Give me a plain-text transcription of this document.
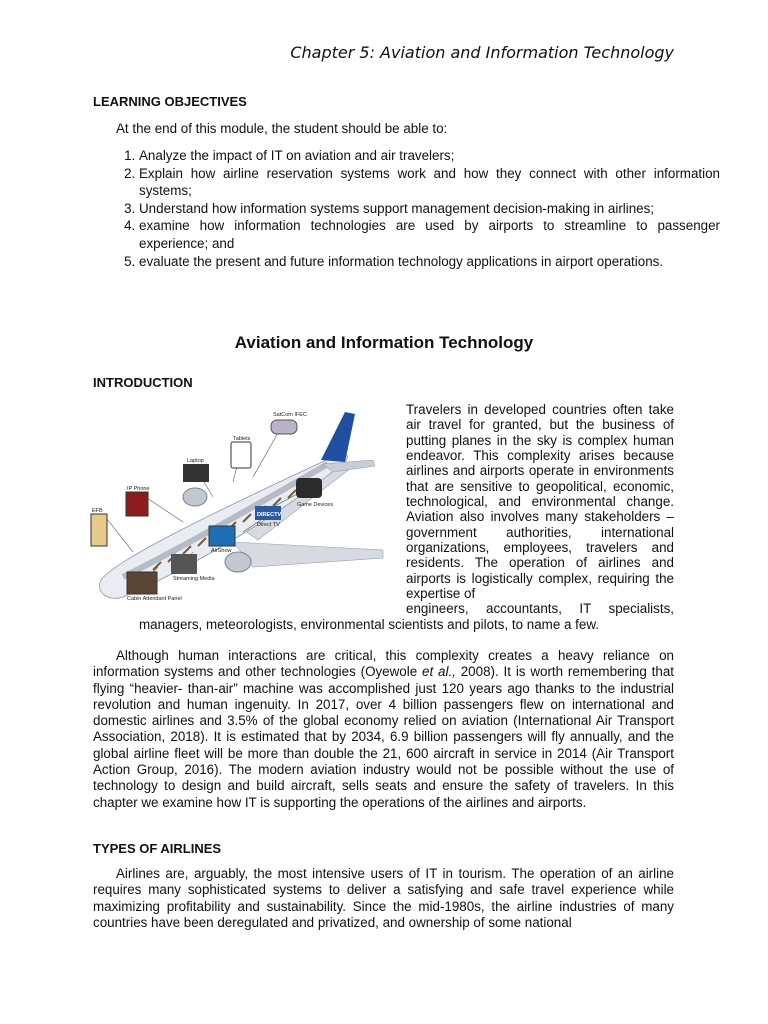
Chapter 5: Aviation and Information Technology
LEARNING OBJECTIVES

At the end of this module, the student should be able to:

1. Analyze the impact of IT on aviation and air travelers;
2. Explain how airline reservation systems work and how they connect with other information systems;
3. Understand how information systems support management decision-making in airlines;
4. examine how information technologies are used by airports to streamline to passenger experience; and
5. evaluate the present and future information technology applications in airport operations.
Aviation and Information Technology
INTRODUCTION
SatCom IFEC
Tablets
Laptop
IP Phone
EFB
Game Devices
DIRECTV
Direct TV
AirShow
Streaming Media
Cabin Attendant Panel

Travelers in developed countries often take air travel for granted, but the business of putting planes in the sky is complex human endeavor. This complexity arises because airlines and airports operate in environments that are sensitive to geopolitical, economic, technological, and environmental change. Aviation also involves many stakeholders – government authorities, international organizations, employees, travelers and residents. The operation of airlines and airports is logistically complex, requiring the expertise of

engineers, accountants, IT specialists, managers, meteorologists, environmental scientists and pilots, to name a few.

Although human interactions are critical, this complexity creates a heavy reliance on information systems and other technologies (Oyewole et al., 2008). It is worth remembering that flying “heavier- than-air” machine was accomplished just 120 years ago thanks to the industrial revolution and human ingenuity. In 2017, over 4 billion passengers flew on international and domestic airlines and 3.5% of the global economy relied on aviation (International Air Transport Association, 2018). It is estimated that by 2034, 6.9 billion passengers will fly annually, and the global airline fleet will be more than double the 21, 600 aircraft in service in 2014 (Air Transport Action Group, 2016). The modern aviation industry would not be possible without the use of technology to design and build aircraft, sells seats and ensure the safety of travelers. In this chapter we examine how IT is supporting the operations of the airlines and airports.

TYPES OF AIRLINES

Airlines are, arguably, the most intensive users of IT in tourism. The operation of an airline requires many sophisticated systems to deliver a satisfying and safe travel experience while maximizing profitability and sustainability. Since the mid-1980s, the airline industries of many countries have been deregulated and privatized, and ownership of some national
